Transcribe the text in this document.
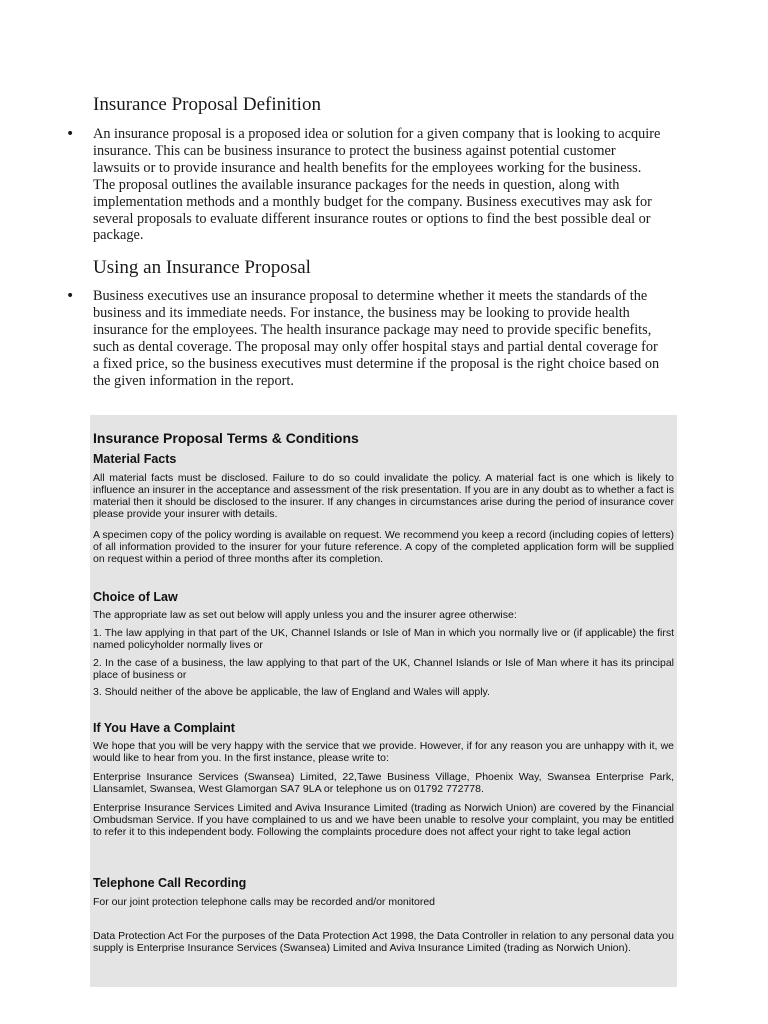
Insurance Proposal Definition
• An insurance proposal is a proposed idea or solution for a given company that is looking to acquire insurance. This can be business insurance to protect the business against potential customer lawsuits or to provide insurance and health benefits for the employees working for the business. The proposal outlines the available insurance packages for the needs in question, along with implementation methods and a monthly budget for the company. Business executives may ask for several proposals to evaluate different insurance routes or options to find the best possible deal or package.

Using an Insurance Proposal
• Business executives use an insurance proposal to determine whether it meets the standards of the business and its immediate needs. For instance, the business may be looking to provide health insurance for the employees. The health insurance package may need to provide specific benefits, such as dental coverage. The proposal may only offer hospital stays and partial dental coverage for a fixed price, so the business executives must determine if the proposal is the right choice based on the given information in the report.

Insurance Proposal Terms & Conditions
Material Facts

All material facts must be disclosed. Failure to do so could invalidate the policy. A material fact is one which is likely to influence an insurer in the acceptance and assessment of the risk presentation. If you are in any doubt as to whether a fact is material then it should be disclosed to the insurer. If any changes in circumstances arise during the period of insurance cover please provide your insurer with details.

A specimen copy of the policy wording is available on request. We recommend you keep a record (including copies of letters) of all information provided to the insurer for your future reference. A copy of the completed application form will be supplied on request within a period of three months after its completion.

Choice of Law

The appropriate law as set out below will apply unless you and the insurer agree otherwise:

1. The law applying in that part of the UK, Channel Islands or Isle of Man in which you normally live or (if applicable) the first named policyholder normally lives or

2. In the case of a business, the law applying to that part of the UK, Channel Islands or Isle of Man where it has its principal place of business or

3. Should neither of the above be applicable, the law of England and Wales will apply.

If You Have a Complaint

We hope that you will be very happy with the service that we provide. However, if for any reason you are unhappy with it, we would like to hear from you. In the first instance, please write to:

Enterprise Insurance Services (Swansea) Limited, 22,Tawe Business Village, Phoenix Way, Swansea Enterprise Park, Llansamlet, Swansea, West Glamorgan SA7 9LA or telephone us on 01792 772778.

Enterprise Insurance Services Limited and Aviva Insurance Limited (trading as Norwich Union) are covered by the Financial Ombudsman Service. If you have complained to us and we have been unable to resolve your complaint, you may be entitled to refer it to this independent body. Following the complaints procedure does not affect your right to take legal action

Telephone Call Recording

For our joint protection telephone calls may be recorded and/or monitored

Data Protection Act For the purposes of the Data Protection Act 1998, the Data Controller in relation to any personal data you supply is Enterprise Insurance Services (Swansea) Limited and Aviva Insurance Limited (trading as Norwich Union).
